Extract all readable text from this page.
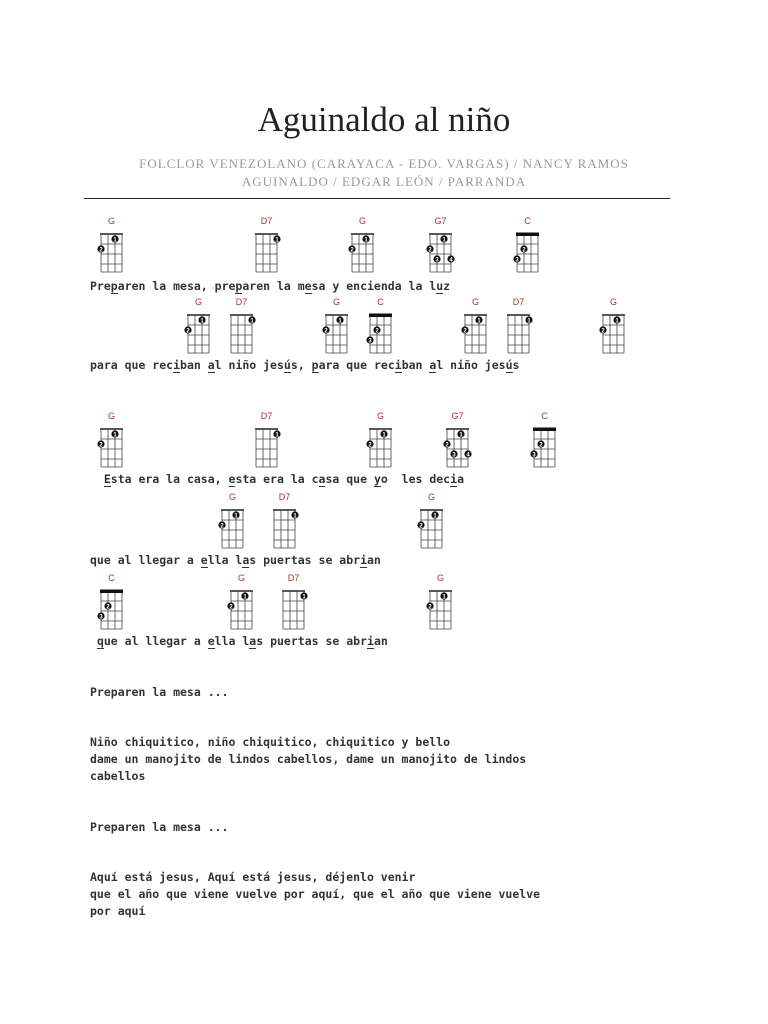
Aguinaldo al niño
FOLCLOR VENEZOLANO (CARAYACA - EDO. VARGAS) / NANCY RAMOS
AGUINALDO / EDGAR LEÓN / PARRANDA
G
1
2
D7
1
G
1
2
G7
1
2
3 4
C
2
3
G
1
2
D7
1
G
1
2
C
2
3
G
1
2
D7
1
G
1
2
G
1
2
D7
1
G
1
2
G7
1
2
3 4
C
2
3
G
1
2
D7
1
G
1
2
C
2
3
G
1
2
D7
1
G
1
2
Preparen la mesa, preparen la mesa y encienda la luz
para que reciban al niño jesús, para que reciban al niño jesús
Esta era la casa, esta era la casa que yo  les decia
que al llegar a ella las puertas se abrian
que al llegar a ella las puertas se abrian
Preparen la mesa ...
Niño chiquitico, niño chiquitico, chiquitico y bello
dame un manojito de lindos cabellos, dame un manojito de lindos
cabellos
Preparen la mesa ...
Aquí está jesus, Aquí está jesus, déjenlo venir
que el año que viene vuelve por aquí, que el año que viene vuelve
por aquí
